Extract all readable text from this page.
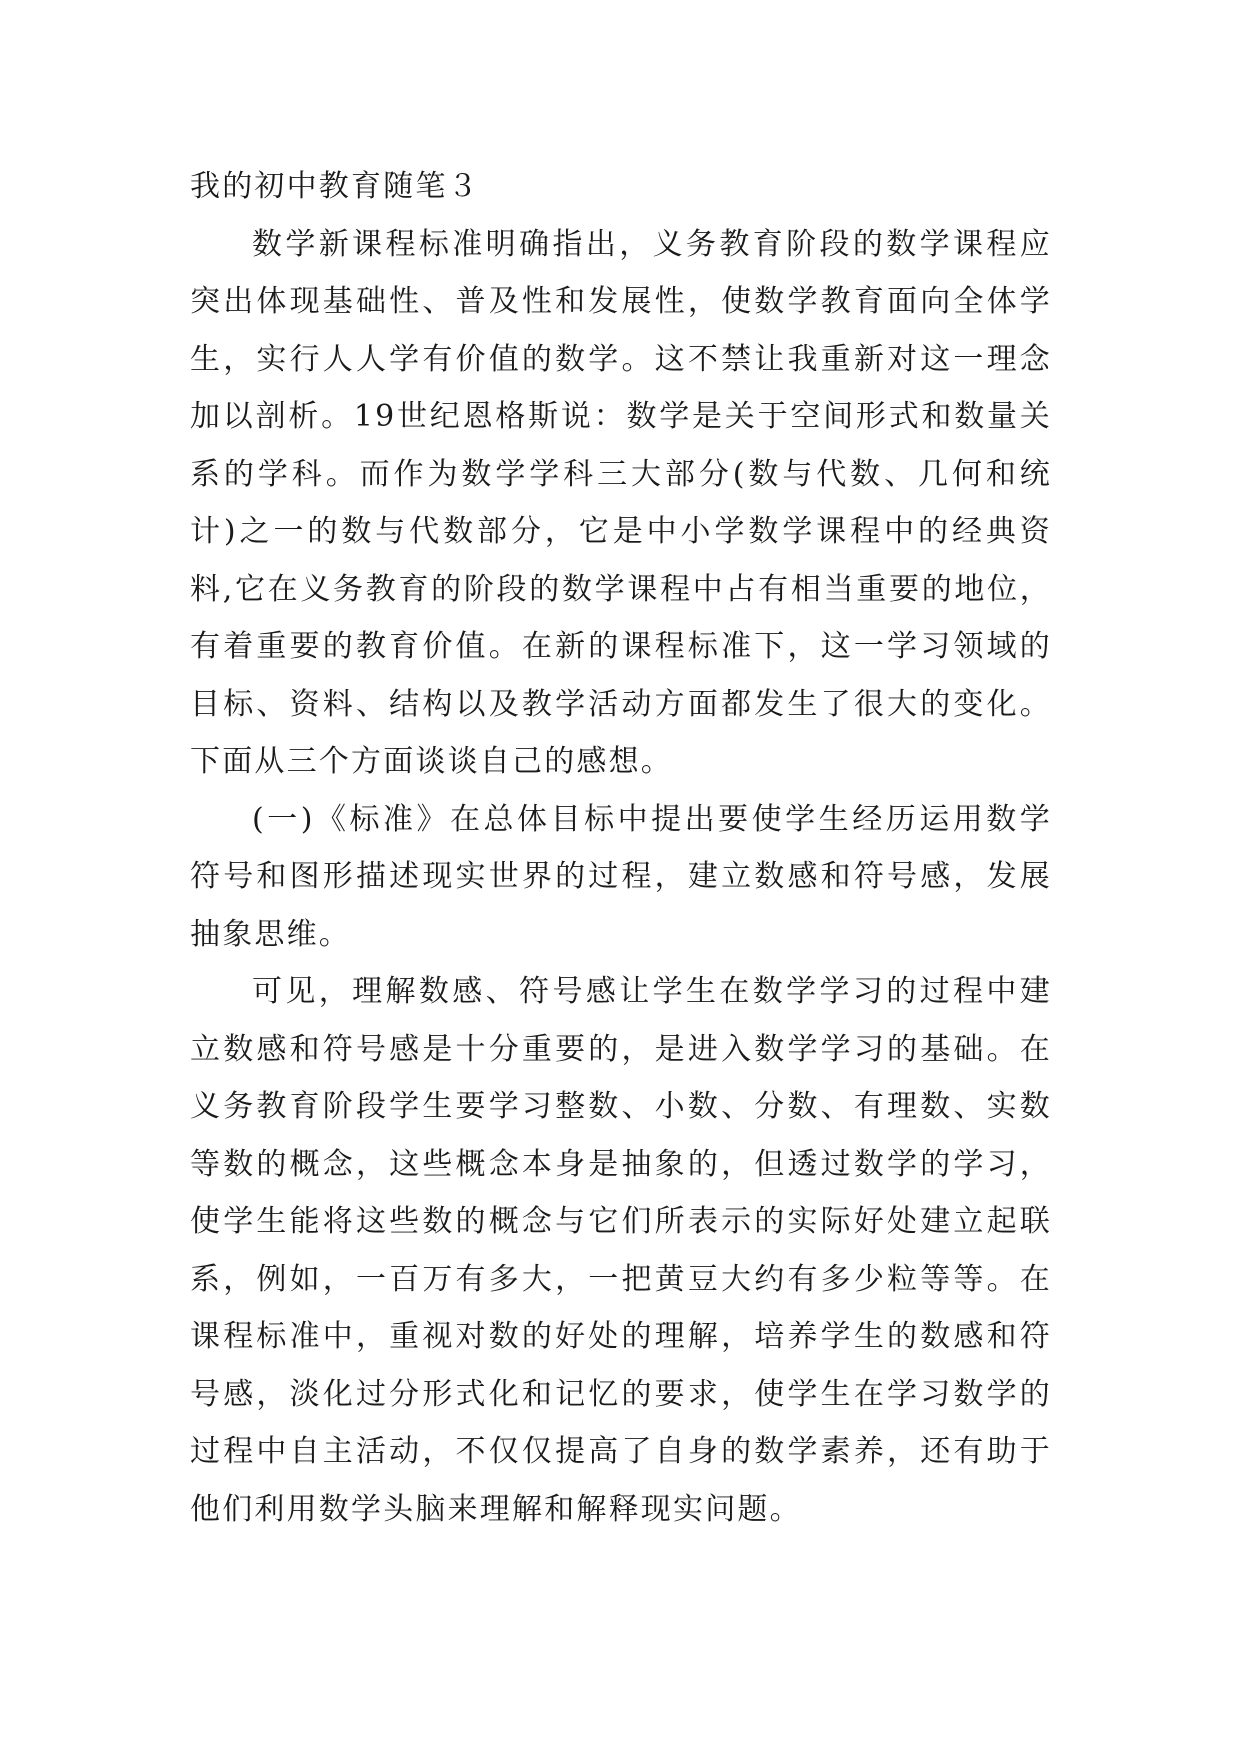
我的初中教育随笔３

数学新课程标准明确指出，义务教育阶段的数学课程应突出体现基础性、普及性和发展性，使数学教育面向全体学生，实行人人学有价值的数学。这不禁让我重新对这一理念加以剖析。19世纪恩格斯说：数学是关于空间形式和数量关系的学科。而作为数学学科三大部分(数与代数、几何和统计)之一的数与代数部分，它是中小学数学课程中的经典资料,它在义务教育的阶段的数学课程中占有相当重要的地位，有着重要的教育价值。在新的课程标准下，这一学习领域的目标、资料、结构以及教学活动方面都发生了很大的变化。下面从三个方面谈谈自己的感想。

(一)《标准》在总体目标中提出要使学生经历运用数学符号和图形描述现实世界的过程，建立数感和符号感，发展抽象思维。

可见，理解数感、符号感让学生在数学学习的过程中建立数感和符号感是十分重要的，是进入数学学习的基础。在义务教育阶段学生要学习整数、小数、分数、有理数、实数等数的概念，这些概念本身是抽象的，但透过数学的学习，使学生能将这些数的概念与它们所表示的实际好处建立起联系，例如，一百万有多大，一把黄豆大约有多少粒等等。在课程标准中，重视对数的好处的理解，培养学生的数感和符号感，淡化过分形式化和记忆的要求，使学生在学习数学的过程中自主活动，不仅仅提高了自身的数学素养，还有助于他们利用数学头脑来理解和解释现实问题。
